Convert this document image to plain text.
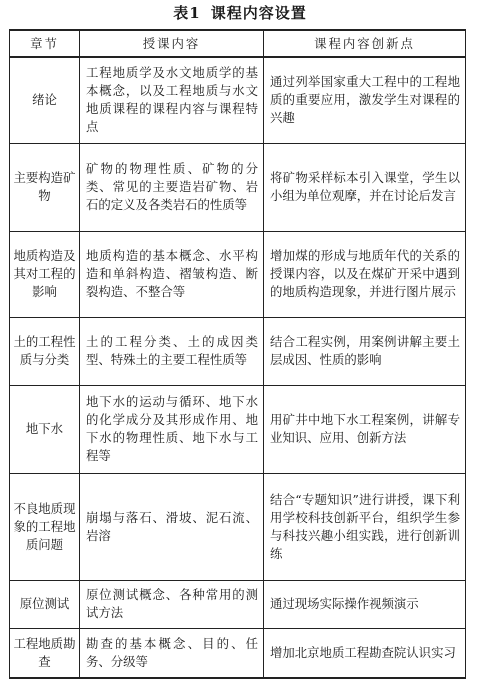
表1 课程内容设置
章节	授课内容	课程内容创新点
绪论	工程地质学及水文地质学的基本概念，以及工程地质与水文地质课程的课程内容与课程特点	通过列举国家重大工程中的工程地质的重要应用，激发学生对课程的兴趣
主要构造矿物	矿物的物理性质、矿物的分类、常见的主要造岩矿物、岩石的定义及各类岩石的性质等	将矿物采样标本引入课堂，学生以小组为单位观摩，并在讨论后发言
地质构造及其对工程的影响	地质构造的基本概念、水平构造和单斜构造、褶皱构造、断裂构造、不整合等	增加煤的形成与地质年代的关系的授课内容，以及在煤矿开采中遇到的地质构造现象，并进行图片展示
土的工程性质与分类	土的工程分类、土的成因类型、特殊土的主要工程性质等	结合工程实例，用案例讲解主要土层成因、性质的影响
地下水	地下水的运动与循环、地下水的化学成分及其形成作用、地下水的物理性质、地下水与工程等	用矿井中地下水工程案例，讲解专业知识、应用、创新方法
不良地质现象的工程地质问题	崩塌与落石、滑坡、泥石流、岩溶	结合“专题知识”进行讲授，课下利用学校科技创新平台，组织学生参与科技兴趣小组实践，进行创新训练
原位测试	原位测试概念、各种常用的测试方法	通过现场实际操作视频演示
工程地质勘查	勘查的基本概念、目的、任务、分级等	增加北京地质工程勘查院认识实习
